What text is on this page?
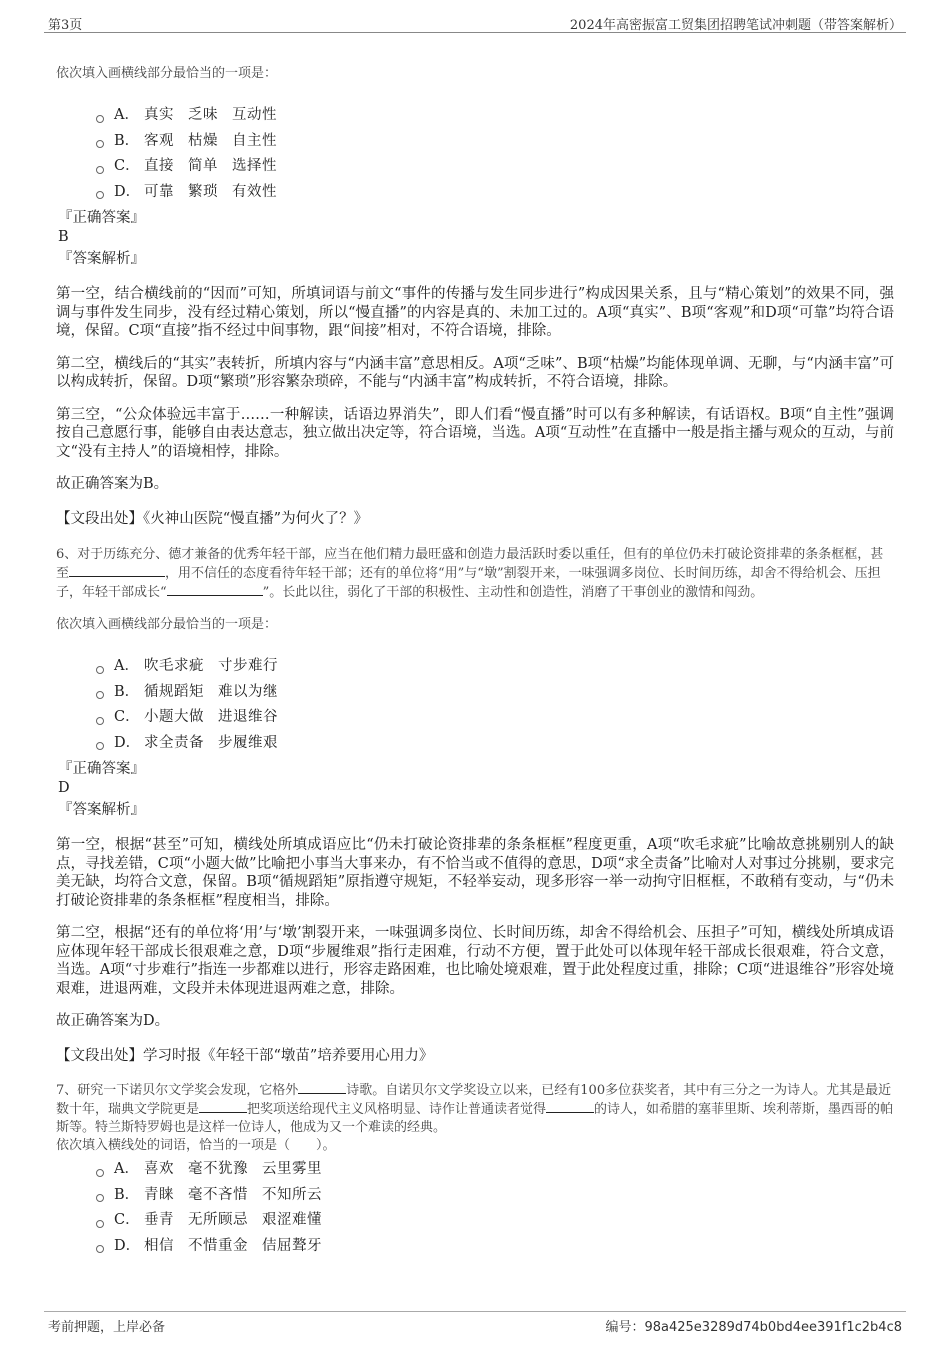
第3页	2024年高密振富工贸集团招聘笔试冲刺题（带答案解析）
依次填入画横线部分最恰当的一项是：
A． 真实 乏味 互动性
B． 客观 枯燥 自主性
C． 直接 简单 选择性
D． 可靠 繁琐 有效性
『正确答案』
B
『答案解析』
第一空，结合横线前的“因而”可知，所填词语与前文“事件的传播与发生同步进行”构成因果关系，且与“精心策划”的效果不同，强调与事件发生同步，没有经过精心策划，所以“慢直播”的内容是真的、未加工过的。A项“真实”、B项“客观”和D项“可靠”均符合语境，保留。C项“直接”指不经过中间事物，跟“间接”相对，不符合语境，排除。
第二空，横线后的“其实”表转折，所填内容与“内涵丰富”意思相反。A项“乏味”、B项“枯燥”均能体现单调、无聊，与“内涵丰富”可以构成转折，保留。D项“繁琐”形容繁杂琐碎，不能与“内涵丰富”构成转折，不符合语境，排除。
第三空，“公众体验远丰富于……一种解读，话语边界消失”，即人们看“慢直播”时可以有多种解读，有话语权。B项“自主性”强调按自己意愿行事，能够自由表达意志，独立做出决定等，符合语境，当选。A项“互动性”在直播中一般是指主播与观众的互动，与前文“没有主持人”的语境相悖，排除。
故正确答案为B。
【文段出处】《火神山医院“慢直播”为何火了？》
6、对于历练充分、德才兼备的优秀年轻干部，应当在他们精力最旺盛和创造力最活跃时委以重任，但有的单位仍未打破论资排辈的条条框框，甚至	，用不信任的态度看待年轻干部；还有的单位将“用”与“墩”割裂开来，一味强调多岗位、长时间历练，却舍不得给机会、压担子，年轻干部成长“	”。长此以往，弱化了干部的积极性、主动性和创造性，消磨了干事创业的激情和闯劲。
依次填入画横线部分最恰当的一项是：
A． 吹毛求疵 寸步难行
B． 循规蹈矩 难以为继
C． 小题大做 进退维谷
D． 求全责备 步履维艰
『正确答案』
D
『答案解析』
第一空，根据“甚至”可知，横线处所填成语应比“仍未打破论资排辈的条条框框”程度更重，A项“吹毛求疵”比喻故意挑剔别人的缺点，寻找差错，C项“小题大做”比喻把小事当大事来办，有不恰当或不值得的意思，D项“求全责备”比喻对人对事过分挑剔，要求完美无缺，均符合文意，保留。B项“循规蹈矩”原指遵守规矩，不轻举妄动，现多形容一举一动拘守旧框框，不敢稍有变动，与“仍未打破论资排辈的条条框框”程度相当，排除。
第二空，根据“还有的单位将‘用’与‘墩’割裂开来，一味强调多岗位、长时间历练，却舍不得给机会、压担子”可知，横线处所填成语应体现年轻干部成长很艰难之意，D项“步履维艰”指行走困难，行动不方便，置于此处可以体现年轻干部成长很艰难，符合文意，当选。A项“寸步难行”指连一步都难以进行，形容走路困难，也比喻处境艰难，置于此处程度过重，排除；C项“进退维谷”形容处境艰难，进退两难，文段并未体现进退两难之意，排除。
故正确答案为D。
【文段出处】学习时报《年轻干部“墩苗”培养要用心用力》
7、研究一下诺贝尔文学奖会发现，它格外	诗歌。自诺贝尔文学奖设立以来，已经有100多位获奖者，其中有三分之一为诗人。尤其是最近数十年，瑞典文学院更是	把奖项送给现代主义风格明显、诗作让普通读者觉得	的诗人，如希腊的塞菲里斯、埃利蒂斯，墨西哥的帕斯等。特兰斯特罗姆也是这样一位诗人，他成为又一个难读的经典。
依次填入横线处的词语，恰当的一项是（　　）。
A． 喜欢 毫不犹豫 云里雾里
B． 青睐 毫不吝惜 不知所云
C． 垂青 无所顾忌 艰涩难懂
D． 相信 不惜重金 佶屈聱牙
考前押题，上岸必备	编号：98a425e3289d74b0bd4ee391f1c2b4c8
